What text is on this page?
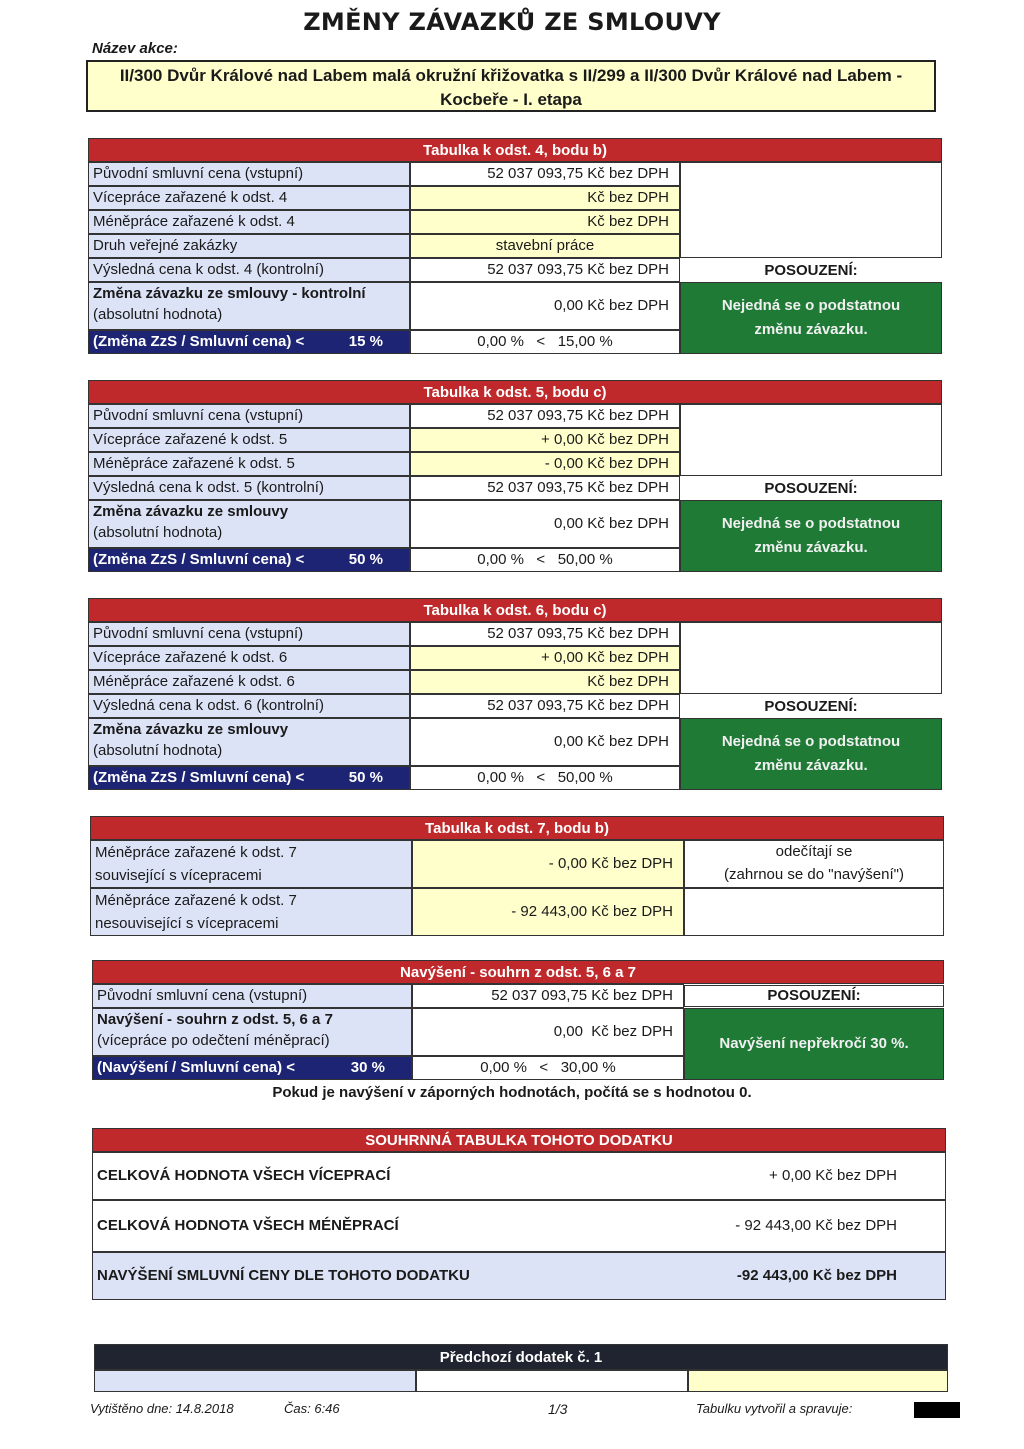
ZMĚNY ZÁVAZKŮ ZE SMLOUVY
Název akce:
II/300 Dvůr Králové nad Labem malá okružní křižovatka s II/299 a II/300 Dvůr Králové nad Labem -
Kocbeře - I. etapa
Tabulka k odst. 4, bodu b)
Původní smluvní cena (vstupní)	52 037 093,75 Kč bez DPH
Vícepráce zařazené k odst. 4	Kč bez DPH
Méněpráce zařazené k odst. 4	Kč bez DPH
Druh veřejné zakázky	stavební práce
Výsledná cena k odst. 4 (kontrolní)	52 037 093,75 Kč bez DPH
Změna závazku ze smlouvy - kontrolní
(absolutní hodnota)
0,00 Kč bez DPH
(Změna ZzS / Smluvní cena) <	15 %	0,00 %   <   15,00 %
POSOUZENÍ:
Nejedná se o podstatnou
změnu závazku.
Tabulka k odst. 5, bodu c)
Původní smluvní cena (vstupní)	52 037 093,75 Kč bez DPH
Vícepráce zařazené k odst. 5	+ 0,00 Kč bez DPH
Méněpráce zařazené k odst. 5	- 0,00 Kč bez DPH
Výsledná cena k odst. 5 (kontrolní)	52 037 093,75 Kč bez DPH
Změna závazku ze smlouvy
(absolutní hodnota)
0,00 Kč bez DPH
(Změna ZzS / Smluvní cena) <	50 %	0,00 %   <   50,00 %
POSOUZENÍ:
Nejedná se o podstatnou
změnu závazku.
Tabulka k odst. 6, bodu c)
Původní smluvní cena (vstupní)	52 037 093,75 Kč bez DPH
Vícepráce zařazené k odst. 6	+ 0,00 Kč bez DPH
Méněpráce zařazené k odst. 6	Kč bez DPH
Výsledná cena k odst. 6 (kontrolní)	52 037 093,75 Kč bez DPH
Změna závazku ze smlouvy
(absolutní hodnota)
0,00 Kč bez DPH
(Změna ZzS / Smluvní cena) <	50 %	0,00 %   <   50,00 %
POSOUZENÍ:
Nejedná se o podstatnou
změnu závazku.
Tabulka k odst. 7, bodu b)
Méněpráce zařazené k odst. 7
související s vícepracemi
- 0,00 Kč bez DPH
odečítají se
(zahrnou se do "navýšení")
Méněpráce zařazené k odst. 7
nesouvisející s vícepracemi
- 92 443,00 Kč bez DPH
Navýšení - souhrn z odst. 5, 6 a 7
Původní smluvní cena (vstupní)	52 037 093,75 Kč bez DPH	POSOUZENÍ:
Navýšení - souhrn z odst. 5, 6 a 7
(vícepráce po odečtení méněprací)
0,00  Kč bez DPH
(Navýšení / Smluvní cena) <	30 %	0,00 %   <   30,00 %
Navýšení nepřekročí 30 %.
Pokud je navýšení v záporných hodnotách, počítá se s hodnotou 0.
SOUHRNNÁ TABULKA TOHOTO DODATKU
CELKOVÁ HODNOTA VŠECH VÍCEPRACÍ	+ 0,00 Kč bez DPH
CELKOVÁ HODNOTA VŠECH MÉNĚPRACÍ	- 92 443,00 Kč bez DPH
NAVÝŠENÍ SMLUVNÍ CENY DLE TOHOTO DODATKU	-92 443,00 Kč bez DPH
Předchozí dodatek č. 1
Vytištěno dne: 14.8.2018	Čas: 6:46	1/3	Tabulku vytvořil a spravuje:
